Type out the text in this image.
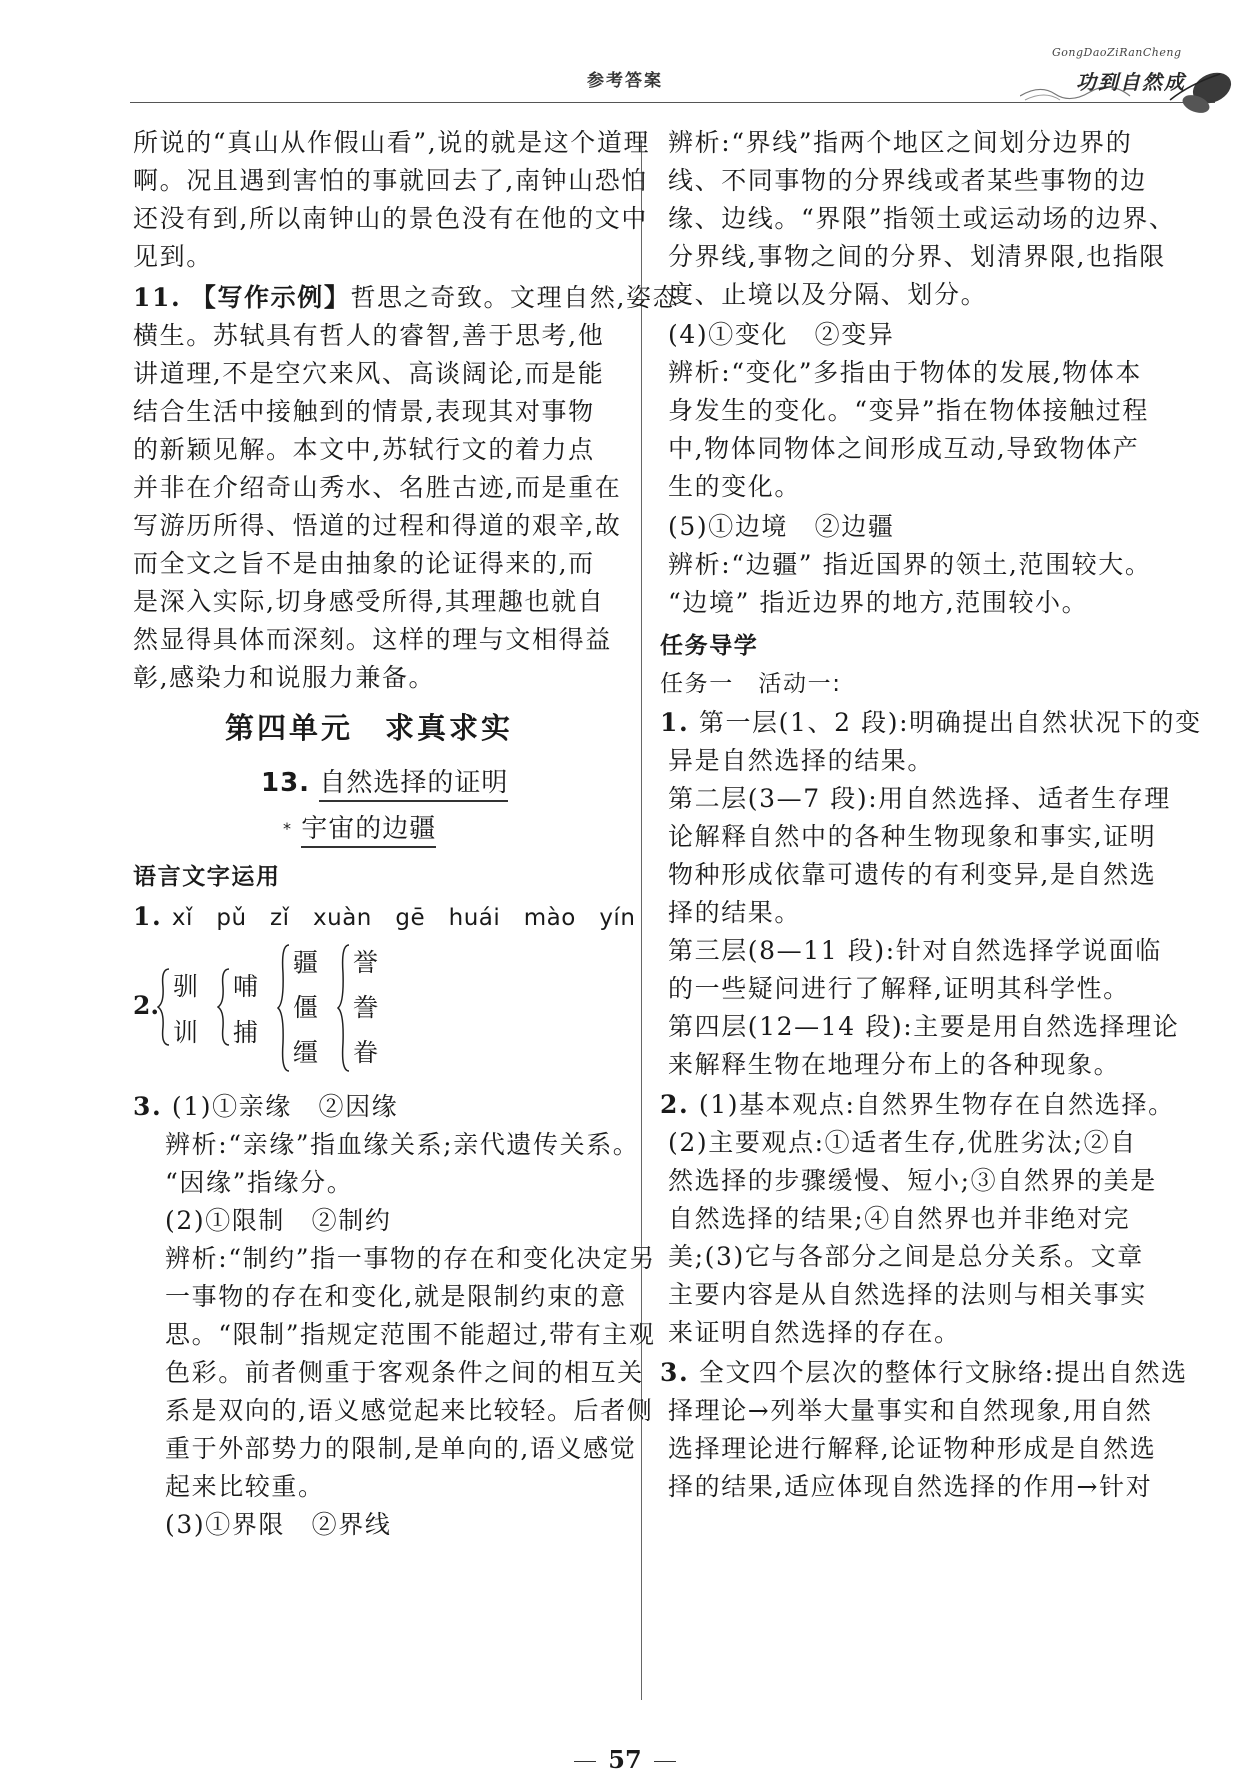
参考答案
GongDaoZiRanCheng
功到自然成
所说的“真山从作假山看”,说的就是这个道理
啊。况且遇到害怕的事就回去了,南钟山恐怕
还没有到,所以南钟山的景色没有在他的文中
见到。
11. 【写作示例】哲思之奇致。文理自然,姿态
横生。苏轼具有哲人的睿智,善于思考,他
讲道理,不是空穴来风、高谈阔论,而是能
结合生活中接触到的情景,表现其对事物
的新颖见解。本文中,苏轼行文的着力点
并非在介绍奇山秀水、名胜古迹,而是重在
写游历所得、悟道的过程和得道的艰辛,故
而全文之旨不是由抽象的论证得来的,而
是深入实际,切身感受所得,其理趣也就自
然显得具体而深刻。这样的理与文相得益
彰,感染力和说服力兼备。
第四单元　求真求实
13. 自然选择的证明
* 宇宙的边疆
语言文字运用
1. xǐ　pǔ　zǐ　xuàn　gē　huái　mào　yín
2.
驯
训
哺
捕
疆
僵
缰
誉
誊
眷
3. (1)①亲缘　②因缘
辨析:“亲缘”指血缘关系;亲代遗传关系。
“因缘”指缘分。
(2)①限制　②制约
辨析:“制约”指一事物的存在和变化决定另
一事物的存在和变化,就是限制约束的意
思。“限制”指规定范围不能超过,带有主观
色彩。前者侧重于客观条件之间的相互关
系是双向的,语义感觉起来比较轻。后者侧
重于外部势力的限制,是单向的,语义感觉
起来比较重。
(3)①界限　②界线
辨析:“界线”指两个地区之间划分边界的
线、不同事物的分界线或者某些事物的边
缘、边线。“界限”指领土或运动场的边界、
分界线,事物之间的分界、划清界限,也指限
度、止境以及分隔、划分。
(4)①变化　②变异
辨析:“变化”多指由于物体的发展,物体本
身发生的变化。“变异”指在物体接触过程
中,物体同物体之间形成互动,导致物体产
生的变化。
(5)①边境　②边疆
辨析:“边疆” 指近国界的领土,范围较大。
“边境” 指近边界的地方,范围较小。
任务导学
任务一　活动一:
1. 第一层(1、2 段):明确提出自然状况下的变
异是自然选择的结果。
第二层(3—7 段):用自然选择、适者生存理
论解释自然中的各种生物现象和事实,证明
物种形成依靠可遗传的有利变异,是自然选
择的结果。
第三层(8—11 段):针对自然选择学说面临
的一些疑问进行了解释,证明其科学性。
第四层(12—14 段):主要是用自然选择理论
来解释生物在地理分布上的各种现象。
2. (1)基本观点:自然界生物存在自然选择。
(2)主要观点:①适者生存,优胜劣汰;②自
然选择的步骤缓慢、短小;③自然界的美是
自然选择的结果;④自然界也并非绝对完
美;(3)它与各部分之间是总分关系。文章
主要内容是从自然选择的法则与相关事实
来证明自然选择的存在。
3. 全文四个层次的整体行文脉络:提出自然选
择理论→列举大量事实和自然现象,用自然
选择理论进行解释,论证物种形成是自然选
择的结果,适应体现自然选择的作用→针对
57
